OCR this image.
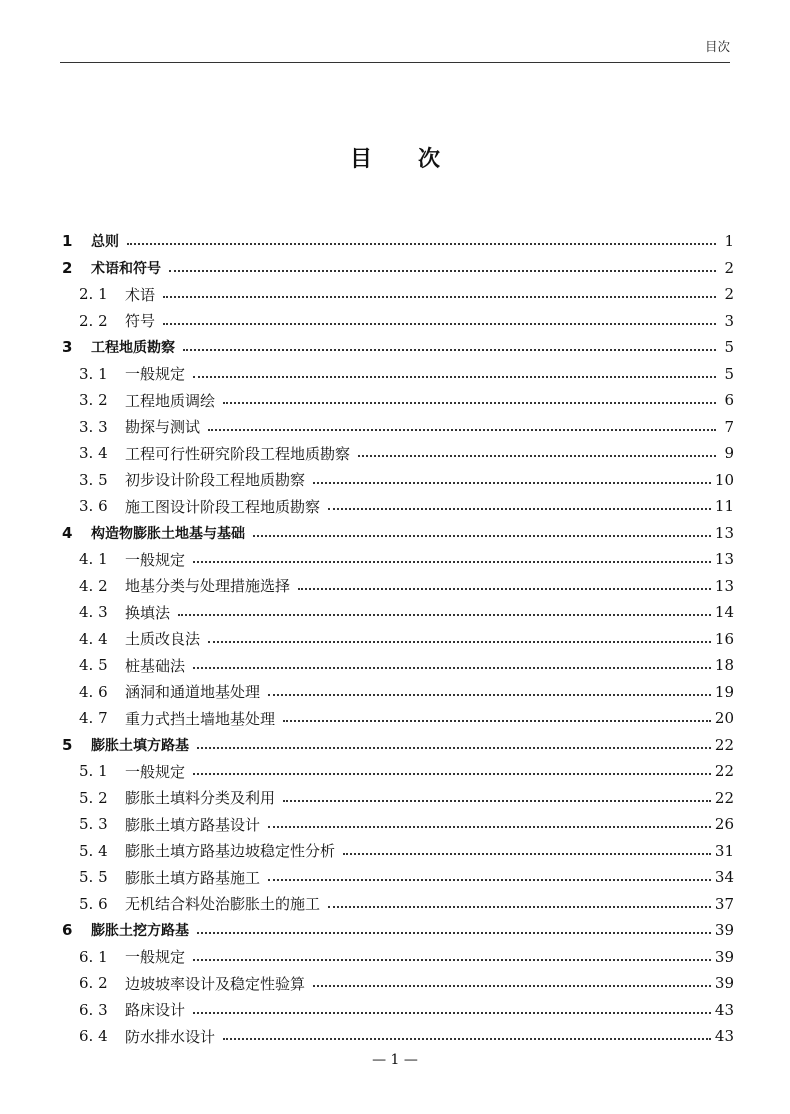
目次
目 次
1	总则	1
2	术语和符号	2
2. 1	术语	2
2. 2	符号	3
3	工程地质勘察	5
3. 1	一般规定	5
3. 2	工程地质调绘	6
3. 3	勘探与测试	7
3. 4	工程可行性研究阶段工程地质勘察	9
3. 5	初步设计阶段工程地质勘察	10
3. 6	施工图设计阶段工程地质勘察	11
4	构造物膨胀土地基与基础	13
4. 1	一般规定	13
4. 2	地基分类与处理措施选择	13
4. 3	换填法	14
4. 4	土质改良法	16
4. 5	桩基础法	18
4. 6	涵洞和通道地基处理	19
4. 7	重力式挡土墙地基处理	20
5	膨胀土填方路基	22
5. 1	一般规定	22
5. 2	膨胀土填料分类及利用	22
5. 3	膨胀土填方路基设计	26
5. 4	膨胀土填方路基边坡稳定性分析	31
5. 5	膨胀土填方路基施工	34
5. 6	无机结合料处治膨胀土的施工	37
6	膨胀土挖方路基	39
6. 1	一般规定	39
6. 2	边坡坡率设计及稳定性验算	39
6. 3	路床设计	43
6. 4	防水排水设计	43
— 1 —
